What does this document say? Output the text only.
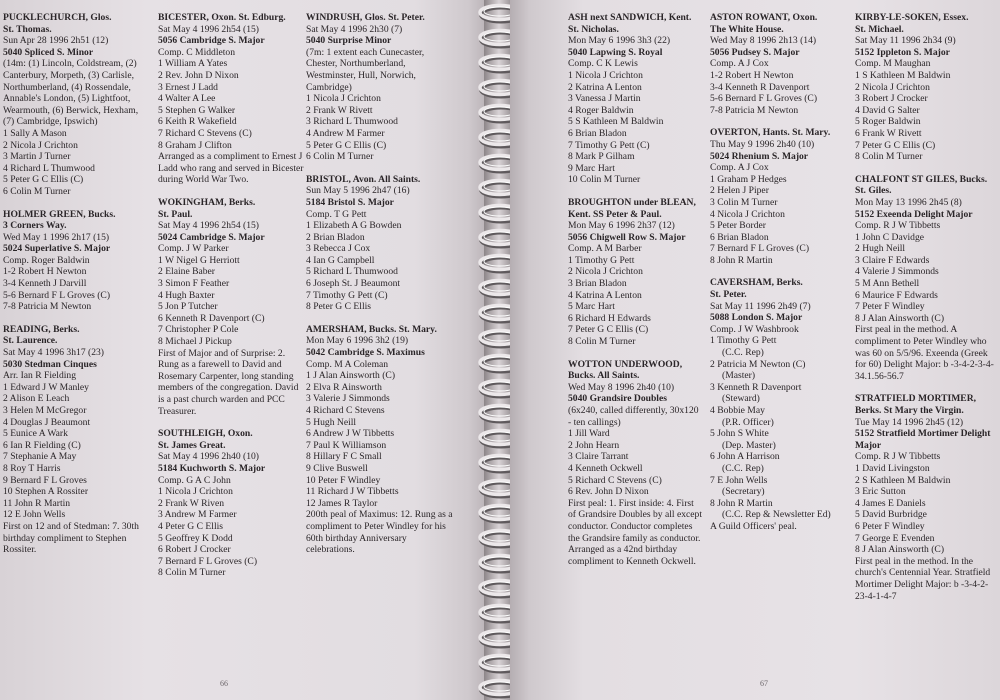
PUCKLECHURCH, Glos.
St. Thomas.
Sun Apr 28 1996 2h51 (12)
5040 Spliced S. Minor
(14m: (1) Lincoln, Coldstream, (2) Canterbury, Morpeth, (3) Carlisle, Northumberland, (4) Rossendale, Annable's London, (5) Lightfoot, Wearmouth, (6) Berwick, Hexham, (7) Cambridge, Ipswich)
1 Sally A Mason
2 Nicola J Crichton
3 Martin J Turner
4 Richard L Thumwood
5 Peter G C Ellis (C)
6 Colin M Turner
HOLMER GREEN, Bucks.
3 Corners Way.
Wed May 1 1996 2h17 (15)
5024 Superlative S. Major
Comp. Roger Baldwin
1-2 Robert H Newton
3-4 Kenneth J Darvill
5-6 Bernard F L Groves (C)
7-8 Patricia M Newton
READING, Berks.
St. Laurence.
Sat May 4 1996 3h17 (23)
5030 Stedman Cinques
Arr. Ian R Fielding
1 Edward J W Manley
2 Alison E Leach
3 Helen M McGregor
4 Douglas J Beaumont
5 Eunice A Wark
6 Ian R Fielding (C)
7 Stephanie A May
8 Roy T Harris
9 Bernard F L Groves
10 Stephen A Rossiter
11 John R Martin
12 E John Wells
First on 12 and of Stedman: 7. 30th birthday compliment to Stephen Rossiter.
BICESTER, Oxon. St. Edburg.
Sat May 4 1996 2h54 (15)
5056 Cambridge S. Major
Comp. C Middleton
1 William A Yates
2 Rev. John D Nixon
3 Ernest J Ladd
4 Walter A Lee
5 Stephen G Walker
6 Keith R Wakefield
7 Richard C Stevens (C)
8 Graham J Clifton
Arranged as a compliment to Ernest J Ladd who rang and served in Bicester during World War Two.
WOKINGHAM, Berks.
St. Paul.
Sat May 4 1996 2h54 (15)
5024 Cambridge S. Major
Comp. J W Parker
1 W Nigel G Herriott
2 Elaine Baber
3 Simon F Feather
4 Hugh Baxter
5 Jon P Tutcher
6 Kenneth R Davenport (C)
7 Christopher P Cole
8 Michael J Pickup
First of Major and of Surprise: 2. Rung as a farewell to David and Rosemary Carpenter, long standing members of the congregation. David is a past church warden and PCC Treasurer.
SOUTHLEIGH, Oxon.
St. James Great.
Sat May 4 1996 2h40 (10)
5184 Kuchworth S. Major
Comp. G A C John
1 Nicola J Crichton
2 Frank W Riven
3 Andrew M Farmer
4 Peter G C Ellis
5 Geoffrey K Dodd
6 Robert J Crocker
7 Bernard F L Groves (C)
8 Colin M Turner
WINDRUSH, Glos. St. Peter.
Sat May 4 1996 2h30 (7)
5040 Surprise Minor
(7m: 1 extent each Cunecaster, Chester, Northumberland, Westminster, Hull, Norwich, Cambridge)
1 Nicola J Crichton
2 Frank W Rivett
3 Richard L Thumwood
4 Andrew M Farmer
5 Peter G C Ellis (C)
6 Colin M Turner
BRISTOL, Avon. All Saints.
Sun May 5 1996 2h47 (16)
5184 Bristol S. Major
Comp. T G Pett
1 Elizabeth A G Bowden
2 Brian Bladon
3 Rebecca J Cox
4 Ian G Campbell
5 Richard L Thumwood
6 Joseph St. J Beaumont
7 Timothy G Pett (C)
8 Peter G C Ellis
AMERSHAM, Bucks. St. Mary.
Mon May 6 1996 3h2 (19)
5042 Cambridge S. Maximus
Comp. M A Coleman
1 J Alan Ainsworth (C)
2 Elva R Ainsworth
3 Valerie J Simmonds
4 Richard C Stevens
5 Hugh Neill
6 Andrew J W Tibbetts
7 Paul K Williamson
8 Hillary F C Small
9 Clive Buswell
10 Peter F Windley
11 Richard J W Tibbetts
12 James R Taylor
200th peal of Maximus: 12. Rung as a compliment to Peter Windley for his 60th birthday Anniversary celebrations.
66
ASH next SANDWICH, Kent.
St. Nicholas.
Mon May 6 1996 3h3 (22)
5040 Lapwing S. Royal
Comp. C K Lewis
1 Nicola J Crichton
2 Katrina A Lenton
3 Vanessa J Martin
4 Roger Baldwin
5 S Kathleen M Baldwin
6 Brian Bladon
7 Timothy G Pett (C)
8 Mark P Gilham
9 Marc Hart
10 Colin M Turner
BROUGHTON under BLEAN, Kent. SS Peter & Paul.
Mon May 6 1996 2h37 (12)
5056 Chigwell Row S. Major
Comp. A M Barber
1 Timothy G Pett
2 Nicola J Crichton
3 Brian Bladon
4 Katrina A Lenton
5 Marc Hart
6 Richard H Edwards
7 Peter G C Ellis (C)
8 Colin M Turner
WOTTON UNDERWOOD, Bucks. All Saints.
Wed May 8 1996 2h40 (10)
5040 Grandsire Doubles
(6x240, called differently, 30x120 - ten callings)
1 Jill Ward
2 John Hearn
3 Claire Tarrant
4 Kenneth Ockwell
5 Richard C Stevens (C)
6 Rev. John D Nixon
First peal: 1. First inside: 4. First of Grandsire Doubles by all except conductor. Conductor completes the Grandsire family as conductor. Arranged as a 42nd birthday compliment to Kenneth Ockwell.
ASTON ROWANT, Oxon.
The White House.
Wed May 8 1996 2h13 (14)
5056 Pudsey S. Major
Comp. A J Cox
1-2 Robert H Newton
3-4 Kenneth R Davenport
5-6 Bernard F L Groves (C)
7-8 Patricia M Newton
OVERTON, Hants. St. Mary.
Thu May 9 1996 2h40 (10)
5024 Rhenium S. Major
Comp. A J Cox
1 Graham P Hedges
2 Helen J Piper
3 Colin M Turner
4 Nicola J Crichton
5 Peter Border
6 Brian Bladon
7 Bernard F L Groves (C)
8 John R Martin
CAVERSHAM, Berks.
St. Peter.
Sat May 11 1996 2h49 (7)
5088 London S. Major
Comp. J W Washbrook
1 Timothy G Pett
(C.C. Rep)
2 Patricia M Newton (C)
(Master)
3 Kenneth R Davenport
(Steward)
4 Bobbie May
(P.R. Officer)
5 John S White
(Dep. Master)
6 John A Harrison
(C.C. Rep)
7 E John Wells
(Secretary)
8 John R Martin
(C.C. Rep & Newsletter Ed)
A Guild Officers' peal.
KIRBY-LE-SOKEN, Essex.
St. Michael.
Sat May 11 1996 2h34 (9)
5152 Ippleton S. Major
Comp. M Maughan
1 S Kathleen M Baldwin
2 Nicola J Crichton
3 Robert J Crocker
4 David G Salter
5 Roger Baldwin
6 Frank W Rivett
7 Peter G C Ellis (C)
8 Colin M Turner
CHALFONT ST GILES, Bucks.
St. Giles.
Mon May 13 1996 2h45 (8)
5152 Exeenda Delight Major
Comp. R J W Tibbetts
1 John C Davidge
2 Hugh Neill
3 Claire F Edwards
4 Valerie J Simmonds
5 M Ann Bethell
6 Maurice F Edwards
7 Peter F Windley
8 J Alan Ainsworth (C)
First peal in the method. A compliment to Peter Windley who was 60 on 5/5/96. Exeenda (Greek for 60) Delight Major: b -3-4-2-3-4-34.1.56-56.7
STRATFIELD MORTIMER, Berks. St Mary the Virgin.
Tue May 14 1996 2h45 (12)
5152 Stratfield Mortimer Delight Major
Comp. R J W Tibbetts
1 David Livingston
2 S Kathleen M Baldwin
3 Eric Sutton
4 James E Daniels
5 David Burbridge
6 Peter F Windley
7 George E Evenden
8 J Alan Ainsworth (C)
First peal in the method. In the church's Centennial Year. Stratfield Mortimer Delight Major: b -3-4-2-23-4-1-4-7
67
